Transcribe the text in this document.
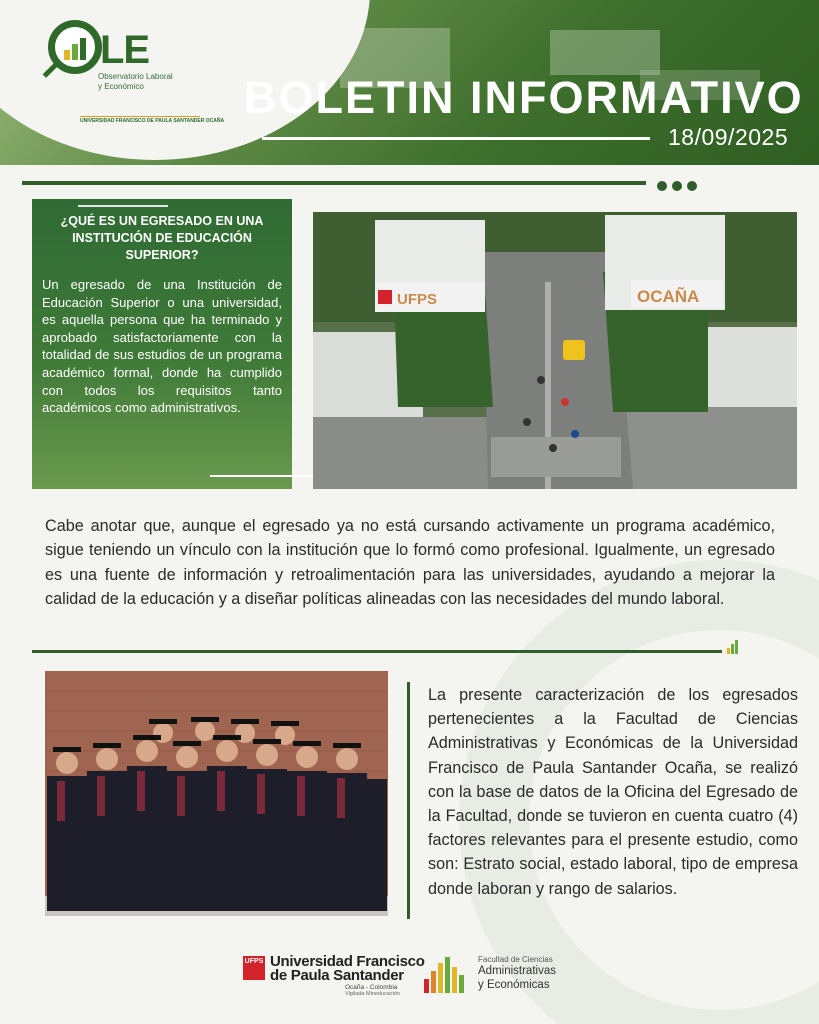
LE
Observatorio Laboral
y Económico
UNIVERSIDAD FRANCISCO DE PAULA SANTANDER OCAÑA BOLETIN INFORMATIVO
18/09/2025
¿QUÉ ES UN EGRESADO EN UNA INSTITUCIÓN DE EDUCACIÓN SUPERIOR?
Un egresado de una Institución de Educación Superior o una universidad, es aquella persona que ha terminado y aprobado satisfactoriamente con la totalidad de sus estudios de un programa académico formal, donde ha cumplido con todos los requisitos tanto académicos como administrativos.
UFPS	OCAÑA
Cabe anotar que, aunque el egresado ya no está cursando activamente un programa académico, sigue teniendo un vínculo con la institución que lo formó como profesional. Igualmente, un egresado es una fuente de información y retroalimentación para las universidades, ayudando a mejorar la calidad de la educación y a diseñar políticas alineadas con las necesidades del mundo laboral.
La presente caracterización de los egresados pertenecientes a la Facultad de Ciencias Administrativas y Económicas de la Universidad Francisco de Paula Santander Ocaña, se realizó con la base de datos de la Oficina del Egresado de la Facultad, donde se tuvieron en cuenta cuatro (4) factores relevantes para el presente estudio, como son: Estrato social, estado laboral, tipo de empresa donde laboran y rango de salarios.
UFPS Universidad Francisco
de Paula Santander
Ocaña - Colombia
Vigilada Mineducación
Facultad de Ciencias
Administrativas
y Económicas
